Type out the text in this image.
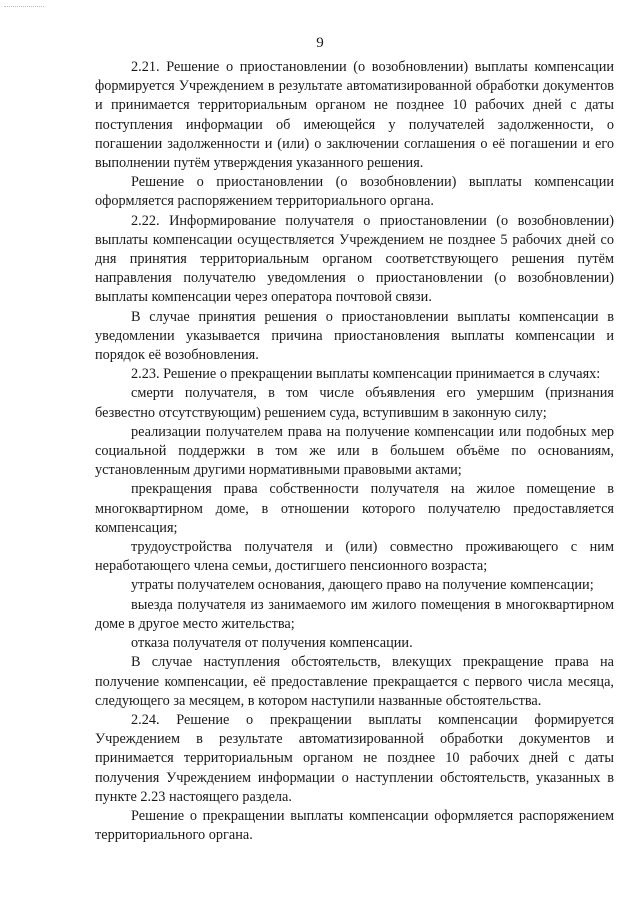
9

2.21. Решение о приостановлении (о возобновлении) выплаты компенсации формируется Учреждением в результате автоматизированной обработки документов и принимается территориальным органом не позднее 10 рабочих дней с даты поступления информации об имеющейся у получателей задолженности, о погашении задолженности и (или) о заключении соглашения о её погашении и его выполнении путём утверждения указанного решения.

Решение о приостановлении (о возобновлении) выплаты компенсации оформляется распоряжением территориального органа.

2.22. Информирование получателя о приостановлении (о возобновлении) выплаты компенсации осуществляется Учреждением не позднее 5 рабочих дней со дня принятия территориальным органом соответствующего решения путём направления получателю уведомления о приостановлении (о возобновлении) выплаты компенсации через оператора почтовой связи.

В случае принятия решения о приостановлении выплаты компенсации в уведомлении указывается причина приостановления выплаты компенсации и порядок её возобновления.

2.23. Решение о прекращении выплаты компенсации принимается в случаях:

смерти получателя, в том числе объявления его умершим (признания безвестно отсутствующим) решением суда, вступившим в законную силу;

реализации получателем права на получение компенсации или подобных мер социальной поддержки в том же или в большем объёме по основаниям, установленным другими нормативными правовыми актами;

прекращения права собственности получателя на жилое помещение в многоквартирном доме, в отношении которого получателю предоставляется компенсация;

трудоустройства получателя и (или) совместно проживающего с ним неработающего члена семьи, достигшего пенсионного возраста;

утраты получателем основания, дающего право на получение компенсации;

выезда получателя из занимаемого им жилого помещения в многоквартирном доме в другое место жительства;

отказа получателя от получения компенсации.

В случае наступления обстоятельств, влекущих прекращение права на получение компенсации, её предоставление прекращается с первого числа месяца, следующего за месяцем, в котором наступили названные обстоятельства.

2.24. Решение о прекращении выплаты компенсации формируется Учреждением в результате автоматизированной обработки документов и принимается территориальным органом не позднее 10 рабочих дней с даты получения Учреждением информации о наступлении обстоятельств, указанных в пункте 2.23 настоящего раздела.

Решение о прекращении выплаты компенсации оформляется распоряжением территориального органа.
